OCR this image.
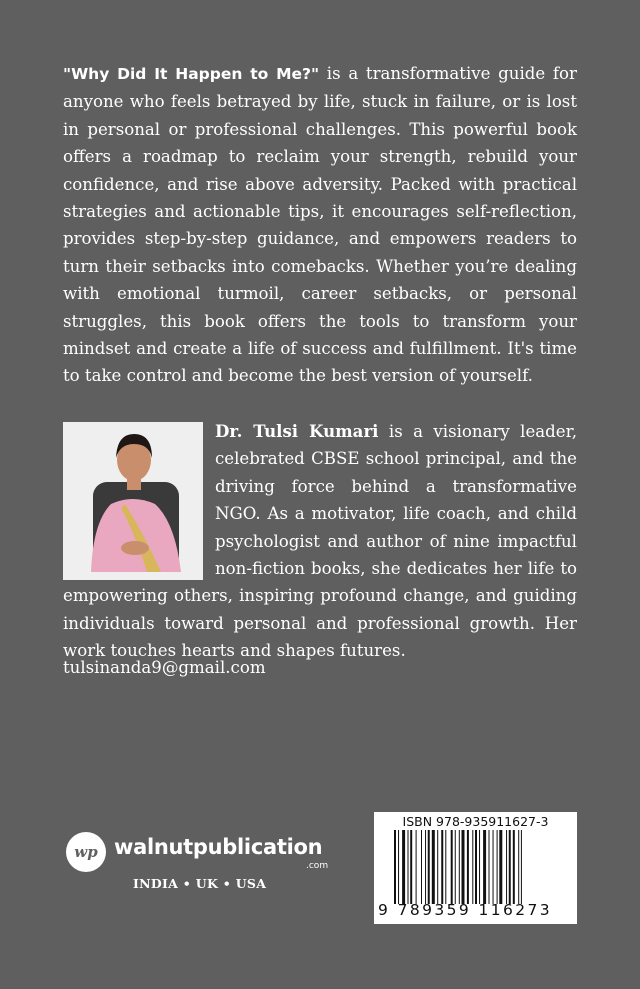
"Why Did It Happen to Me?" is a transformative guide for anyone who feels betrayed by life, stuck in failure, or is lost in personal or professional challenges. This powerful book offers a roadmap to reclaim your strength, rebuild your confidence, and rise above adversity. Packed with practical strategies and actionable tips, it encourages self-reflection, provides step-by-step guidance, and empowers readers to turn their setbacks into comebacks. Whether you’re dealing with emotional turmoil, career setbacks, or personal struggles, this book offers the tools to transform your mindset and create a life of success and fulfillment. It's time to take control and become the best version of yourself.

Dr. Tulsi Kumari is a visionary leader, celebrated CBSE school principal, and the driving force behind a transformative NGO. As a motivator, life coach, and child psychologist and author of nine impactful non-fiction books, she dedicates her life to empowering others, inspiring profound change, and guiding individuals toward personal and professional growth. Her work touches hearts and shapes futures.

tulsinanda9@gmail.com
wp walnutpublication
.com
INDIA • UK • USA
ISBN 978-935911627-3
9 789359 116273
